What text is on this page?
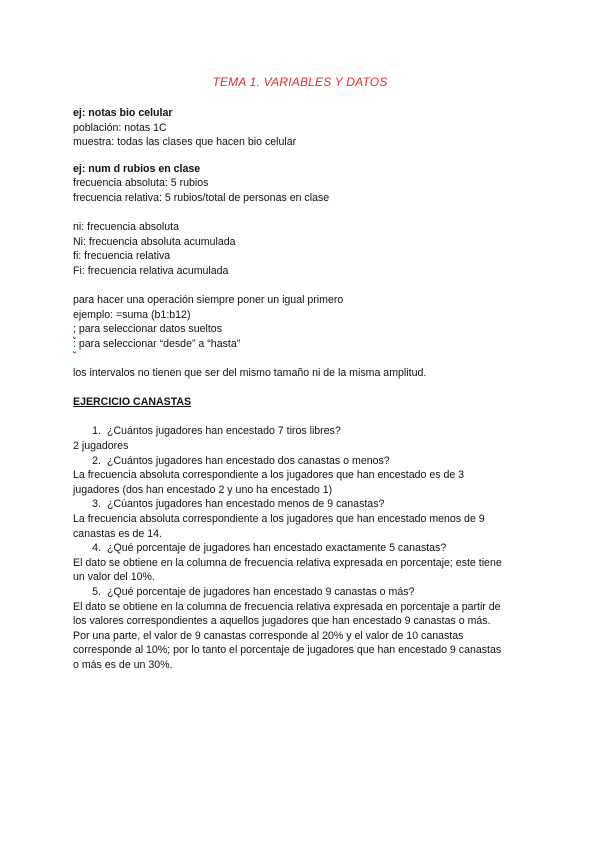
TEMA 1. VARIABLES Y DATOS
ej: notas bio celular
población: notas 1C
muestra: todas las clases que hacen bio celular
ej: num d rubios en clase
frecuencia absoluta: 5 rubios
frecuencia relativa: 5 rubios/total de personas en clase
ni: frecuencia absoluta
Ni: frecuencia absoluta acumulada
fi: frecuencia relativa
Fi: frecuencia relativa acumulada
para hacer una operación siempre poner un igual primero
ejemplo: =suma (b1:b12)
; para seleccionar datos sueltos
: para seleccionar “desde” a “hasta”
los intervalos no tienen que ser del mismo tamaño ni de la misma amplitud.
EJERCICIO CANASTAS
1. ¿Cuántos jugadores han encestado 7 tiros libres?
2 jugadores
2. ¿Cuántos jugadores han encestado dos canastas o menos?
La frecuencia absoluta correspondiente a los jugadores que han encestado es de 3
jugadores (dos han encestado 2 y uno ha encestado 1)
3. ¿Cúantos jugadores han encestado menos de 9 canastas?
La frecuencia absoluta correspondiente a los jugadores que han encestado menos de 9
canastas es de 14.
4. ¿Qué porcentaje de jugadores han encestado exactamente 5 canastas?
El dato se obtiene en la columna de frecuencia relativa expresada en porcentaje; este tiene
un valor del 10%.
5. ¿Qué porcentaje de jugadores han encestado 9 canastas o más?
El dato se obtiene en la columna de frecuencia relativa expresada en porcentaje a partir de
los valores correspondientes a aquellos jugadores que han encestado 9 canastas o más.
Por una parte, el valor de 9 canastas corresponde al 20% y el valor de 10 canastas
corresponde al 10%; por lo tanto el porcentaje de jugadores que han encestado 9 canastas
o más es de un 30%.
